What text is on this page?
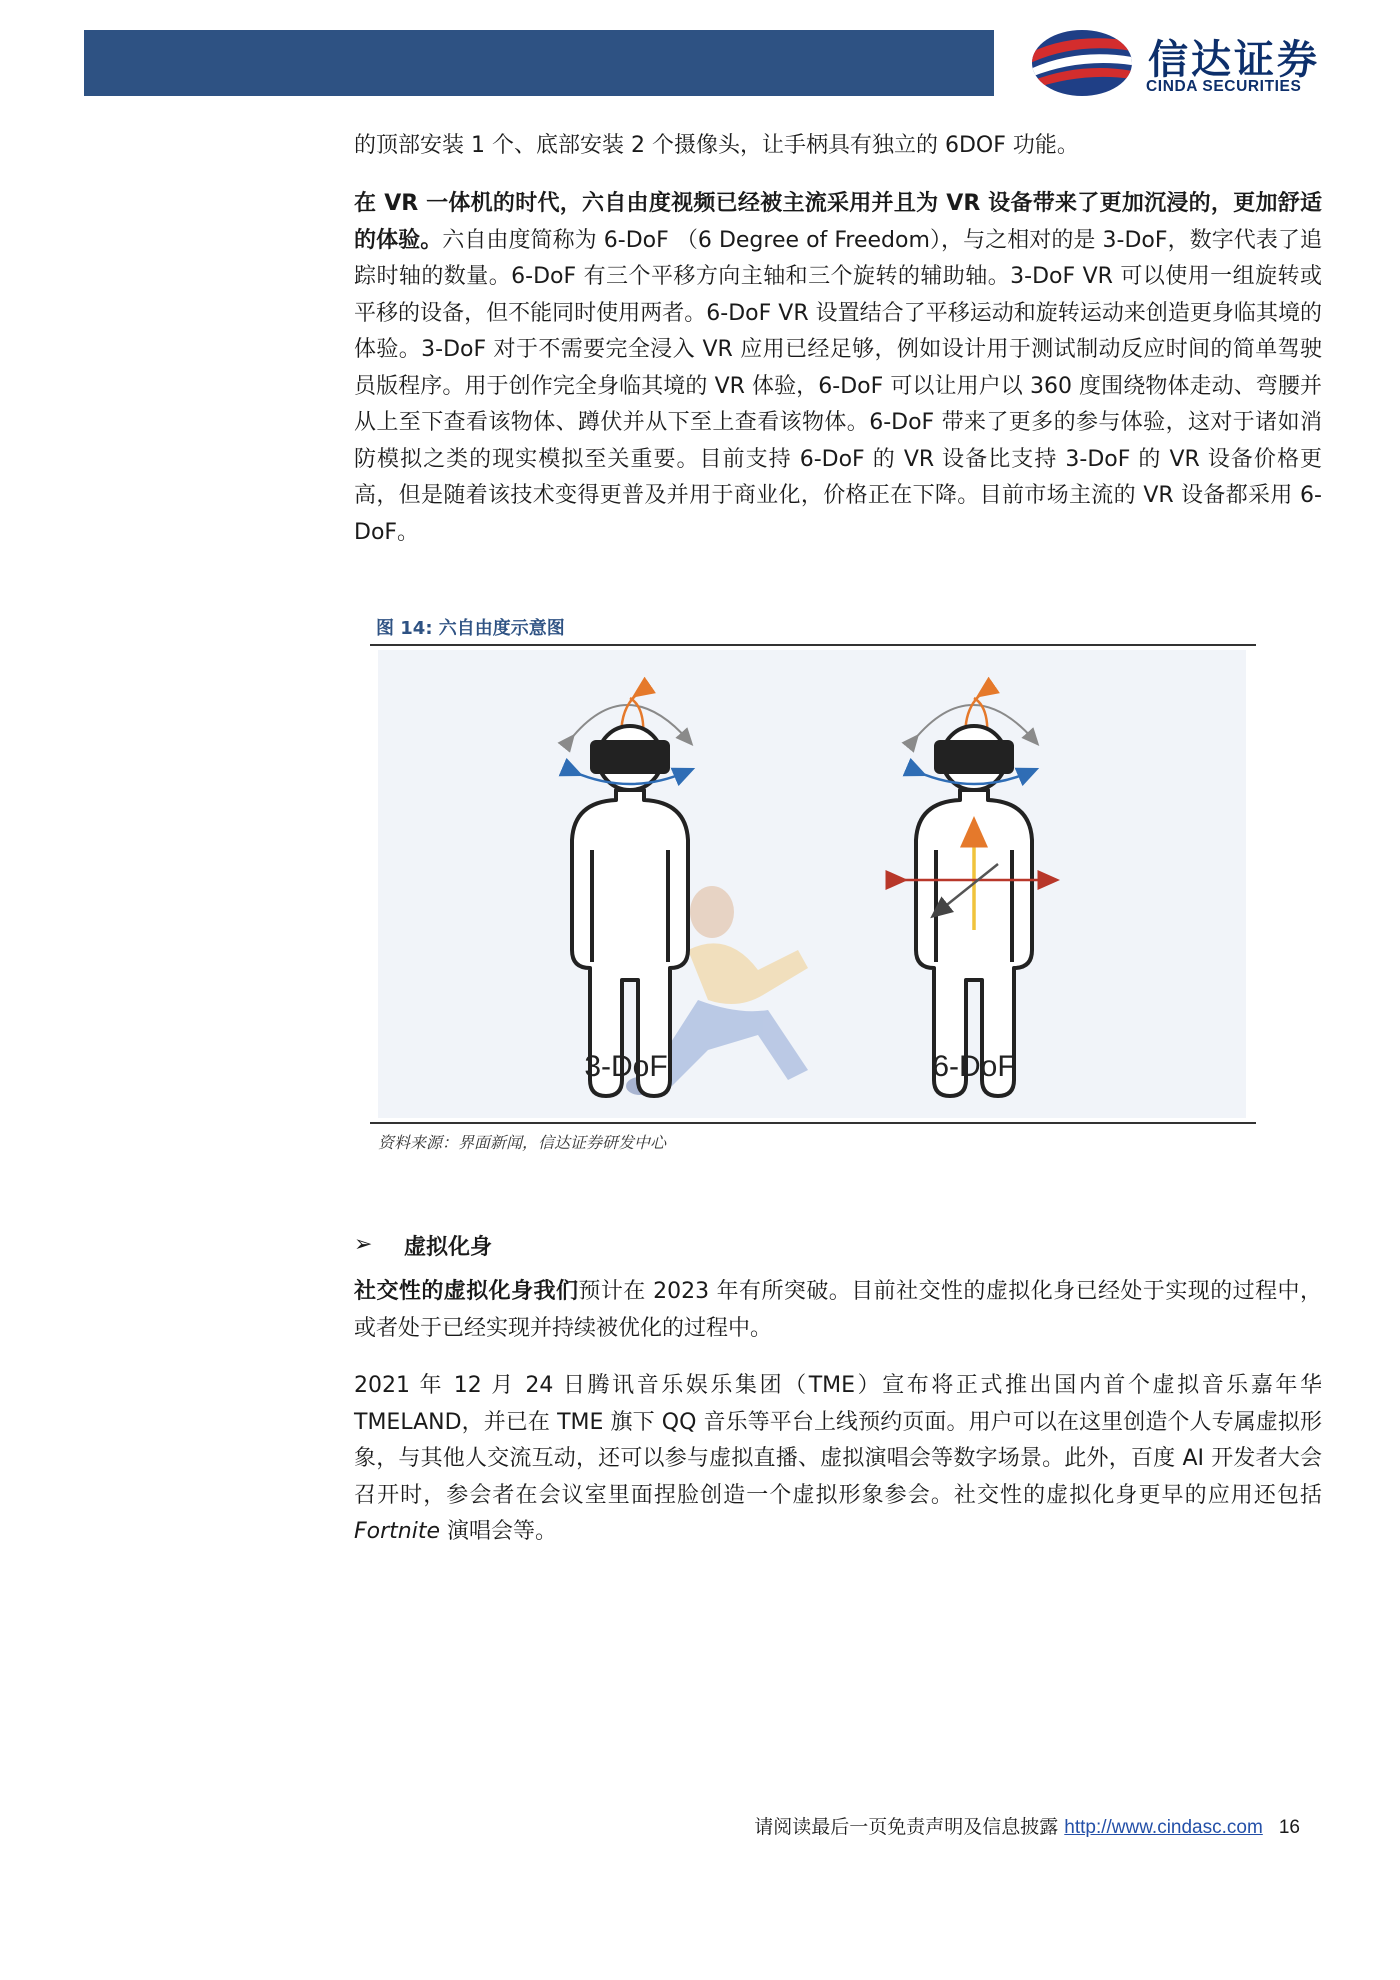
信达证券
CINDA SECURITIES

的顶部安装 1 个、底部安装 2 个摄像头，让手柄具有独立的 6DOF 功能。

在 VR 一体机的时代，六自由度视频已经被主流采用并且为 VR 设备带来了更加沉浸的，更加舒适的体验。六自由度简称为 6-DoF （6 Degree of Freedom），与之相对的是 3-DoF，数字代表了追踪时轴的数量。6-DoF 有三个平移方向主轴和三个旋转的辅助轴。3-DoF VR 可以使用一组旋转或平移的设备，但不能同时使用两者。6-DoF VR 设置结合了平移运动和旋转运动来创造更身临其境的体验。3-DoF 对于不需要完全浸入 VR 应用已经足够，例如设计用于测试制动反应时间的简单驾驶员版程序。用于创作完全身临其境的 VR 体验，6-DoF 可以让用户以 360 度围绕物体走动、弯腰并从上至下查看该物体、蹲伏并从下至上查看该物体。6-DoF 带来了更多的参与体验，这对于诸如消防模拟之类的现实模拟至关重要。目前支持 6-DoF 的 VR 设备比支持 3-DoF 的 VR 设备价格更高，但是随着该技术变得更普及并用于商业化，价格正在下降。目前市场主流的 VR 设备都采用 6-DoF。

社交性的虚拟化身我们预计在 2023 年有所突破。目前社交性的虚拟化身已经处于实现的过程中，或者处于已经实现并持续被优化的过程中。

2021 年 12 月 24 日腾讯音乐娱乐集团（TME）宣布将正式推出国内首个虚拟音乐嘉年华 TMELAND，并已在 TME 旗下 QQ 音乐等平台上线预约页面。用户可以在这里创造个人专属虚拟形象，与其他人交流互动，还可以参与虚拟直播、虚拟演唱会等数字场景。此外，百度 AI 开发者大会召开时，参会者在会议室里面捏脸创造一个虚拟形象参会。社交性的虚拟化身更早的应用还包括 Fortnite 演唱会等。

图 14: 六自由度示意图
3-DoF	6-DoF
资料来源：界面新闻，信达证券研发中心
➢ 虚拟化身
请阅读最后一页免责声明及信息披露 http://www.cindasc.com 16
